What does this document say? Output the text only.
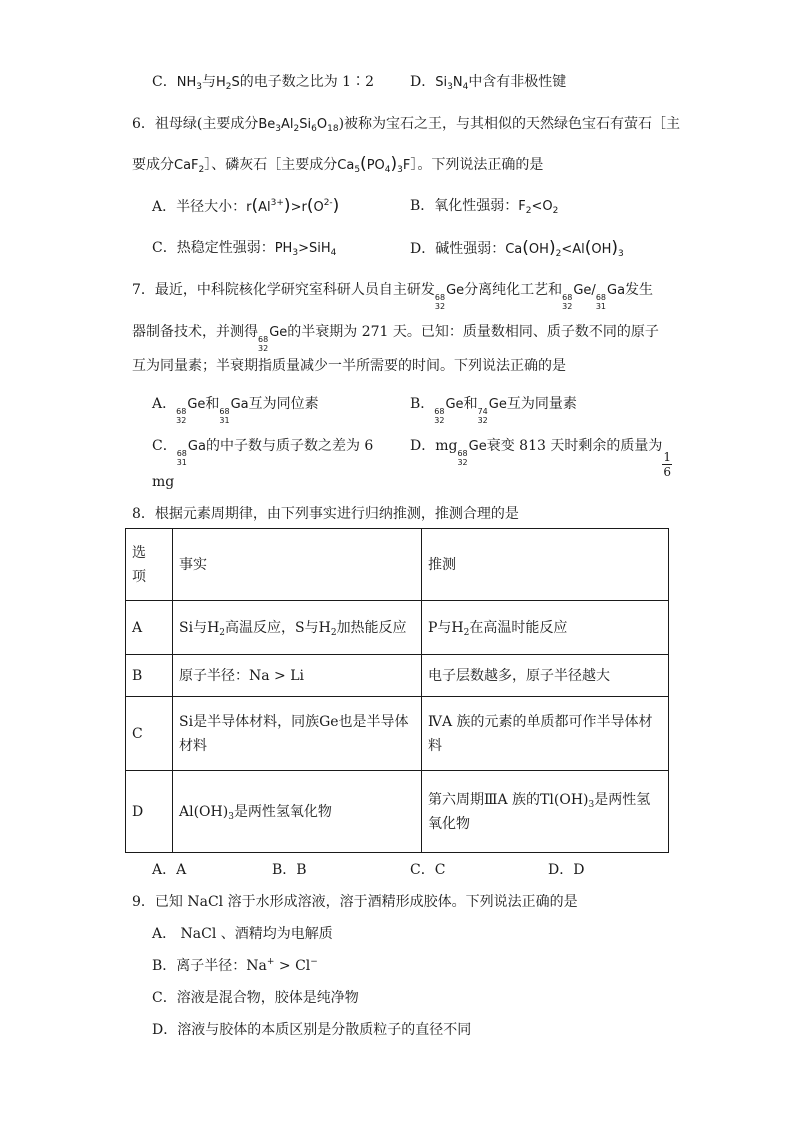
C．$NH_3$与$H_2S$的电子数之比为 1∶2	D．$Si_3N_4$中含有非极性键
6．祖母绿(主要成分$Be_3Al_2Si_6O_{18}$)被称为宝石之王，与其相似的天然绿色宝石有萤石［主
要成分CaF$_2$］、磷灰石［主要成分$Ca_5(PO_4)_3F]$。下列说法正确的是
A．半径大小：$r(Al^{3+})>r(O^{2-})$	B．氧化性强弱：$F_2<O_2$
C．热稳定性强弱：$PH_3>SiH_4$	D．碱性强弱：$Ca(OH)_2<Al(OH)_3$
7．最近，中科院核化学研究室科研人员自主研发 68
32
Ge分离纯化工艺和 68
32
Ge/ 68
31
Ga发生
器制备技术，并测得 68
32
Ge的半衰期为 271 天。已知：质量数相同、质子数不同的原子
互为同量素；半衰期指质量减少一半所需要的时间。下列说法正确的是
A． 68
32
Ge和 68
31
Ga互为同位素	B． 68
32
Ge和 74
32
Ge互为同量素
C． 68
31
Ga的中子数与质子数之差为 6	D．mg 68
32
Ge衰变 813 天时剩余的质量为
$\frac{1}{6}$
mg
8．根据元素周期律，由下列事实进行归纳推测，推测合理的是
选
项	事实	推测
A	Si与$H_2$高温反应，S与$H_2$加热能反应	P与$H_2$在高温时能反应
B	原子半径：Na > Li	电子层数越多，原子半径越大
C	Si是半导体材料，同族Ge也是半导体材料	ⅣA 族的元素的单质都可作半导体材料
D	$Al(OH)_3$是两性氢氧化物	第六周期ⅢA 族的$Tl(OH)_3$是两性氢氧化物
A．A	B．B	C．C	D．D
9．已知 NaCl 溶于水形成溶液，溶于酒精形成胶体。下列说法正确的是
A． NaCl 、酒精均为电解质
B．离子半径：Na+ > Cl−
C．溶液是混合物，胶体是纯净物
D．溶液与胶体的本质区别是分散质粒子的直径不同
